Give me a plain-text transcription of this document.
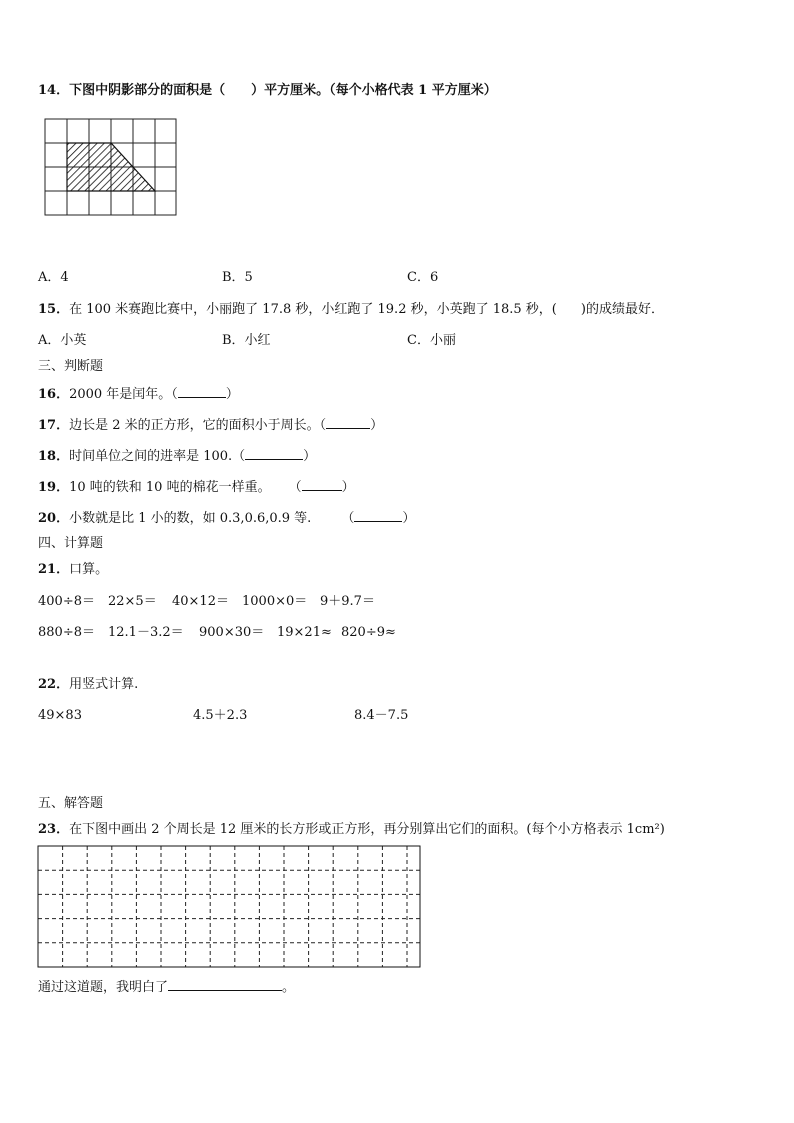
14．下图中阴影部分的面积是（ ）平方厘米。（每个小格代表 1 平方厘米）
A．4	B．5	C．6
15．在 100 米赛跑比赛中，小丽跑了 17.8 秒，小红跑了 19.2 秒，小英跑了 18.5 秒，( )的成绩最好．
A．小英	B．小红	C．小丽
三、判断题
16．2000 年是闰年。（	）
17．边长是 2 米的正方形，它的面积小于周长。（	）
18．时间单位之间的进率是 100.（	）
19．10 吨的铁和 10 吨的棉花一样重。 （	）
20．小数就是比 1 小的数，如 0.3,0.6,0.9 等. （	）
四、计算题
21．口算。
400÷8＝ 22×5＝ 40×12＝ 1000×0＝ 9＋9.7＝
880÷8＝ 12.1－3.2＝ 900×30＝ 19×21≈ 820÷9≈
22．用竖式计算.
49×83	4.5＋2.3	8.4－7.5
五、解答题
23．在下图中画出 2 个周长是 12 厘米的长方形或正方形，再分别算出它们的面积。(每个小方格表示 1cm²)
通过这道题，我明白了	。
